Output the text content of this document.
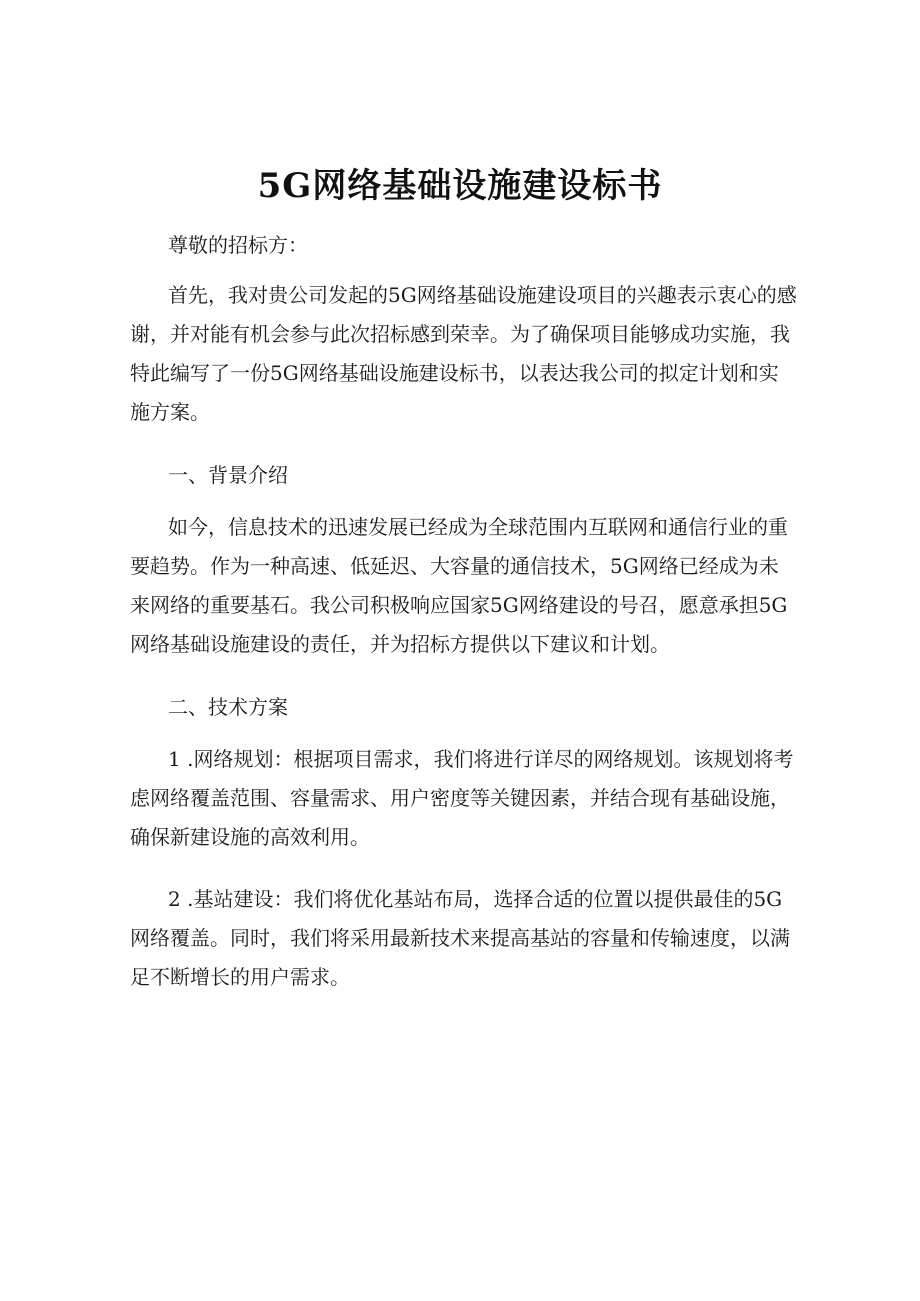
5G网络基础设施建设标书
尊敬的招标方：
首先，我对贵公司发起的5G网络基础设施建设项目的兴趣表示衷心的感
谢，并对能有机会参与此次招标感到荣幸。为了确保项目能够成功实施，我
特此编写了一份5G网络基础设施建设标书，以表达我公司的拟定计划和实
施方案。
一、背景介绍
如今，信息技术的迅速发展已经成为全球范围内互联网和通信行业的重
要趋势。作为一种高速、低延迟、大容量的通信技术，5G网络已经成为未
来网络的重要基石。我公司积极响应国家5G网络建设的号召，愿意承担5G
网络基础设施建设的责任，并为招标方提供以下建议和计划。
二、技术方案
1 .网络规划：根据项目需求，我们将进行详尽的网络规划。该规划将考
虑网络覆盖范围、容量需求、用户密度等关键因素，并结合现有基础设施，
确保新建设施的高效利用。
2 .基站建设：我们将优化基站布局，选择合适的位置以提供最佳的5G
网络覆盖。同时，我们将采用最新技术来提高基站的容量和传输速度，以满
足不断增长的用户需求。
